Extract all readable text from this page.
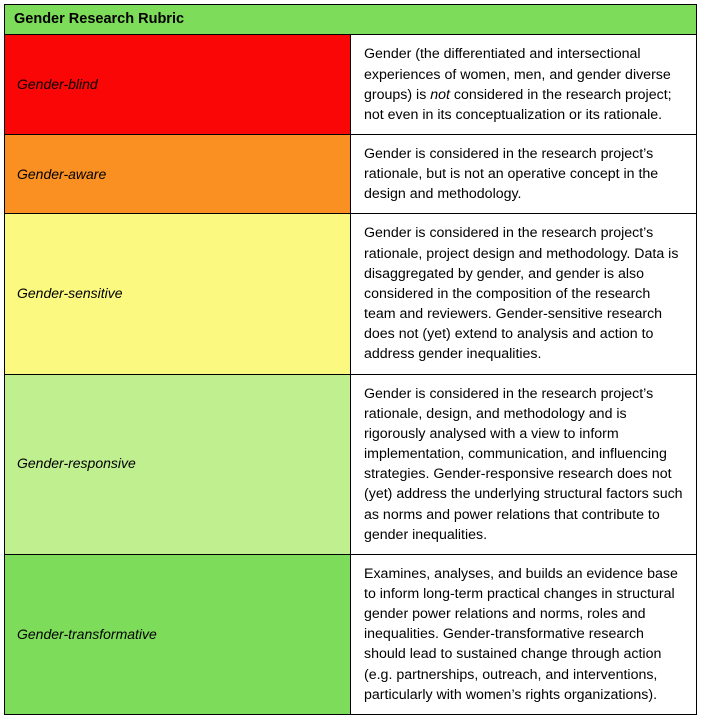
Gender Research Rubric	
Gender-blind	Gender (the differentiated and intersectional experiences of women, men, and gender diverse groups) is not considered in the research project; not even in its conceptualization or its rationale.
Gender-aware	Gender is considered in the research project’s rationale, but is not an operative concept in the design and methodology.
Gender-sensitive	Gender is considered in the research project’s rationale, project design and methodology. Data is disaggregated by gender, and gender is also considered in the composition of the research team and reviewers. Gender-sensitive research does not (yet) extend to analysis and action to address gender inequalities.
Gender-responsive	Gender is considered in the research project’s rationale, design, and methodology and is rigorously analysed with a view to inform implementation, communication, and influencing strategies. Gender-responsive research does not (yet) address the underlying structural factors such as norms and power relations that contribute to gender inequalities.
Gender-transformative	Examines, analyses, and builds an evidence base to inform long-term practical changes in structural gender power relations and norms, roles and inequalities. Gender-transformative research should lead to sustained change through action (e.g. partnerships, outreach, and interventions, particularly with women’s rights organizations).
